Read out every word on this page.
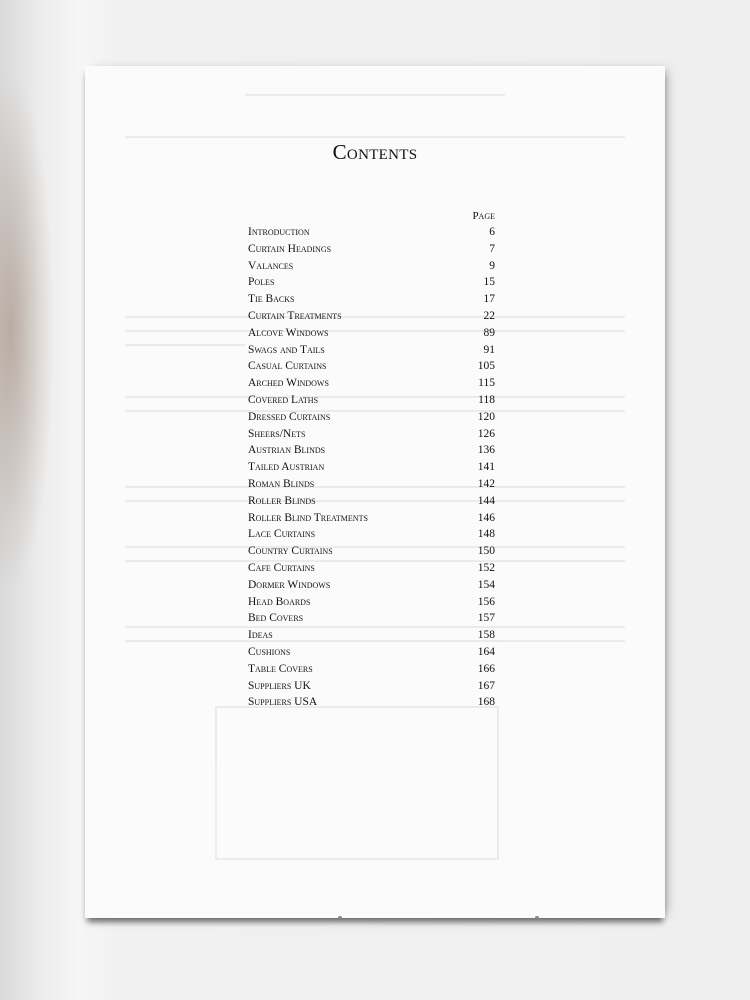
Contents
Page
Introduction	6
Curtain Headings	7
Valances	9
Poles	15
Tie Backs	17
Curtain Treatments	22
Alcove Windows	89
Swags and Tails	91
Casual Curtains	105
Arched Windows	115
Covered Laths	118
Dressed Curtains	120
Sheers/Nets	126
Austrian Blinds	136
Tailed Austrian	141
Roman Blinds	142
Roller Blinds	144
Roller Blind Treatments	146
Lace Curtains	148
Country Curtains	150
Cafe Curtains	152
Dormer Windows	154
Head Boards	156
Bed Covers	157
Ideas	158
Cushions	164
Table Covers	166
Suppliers UK	167
Suppliers USA	168
